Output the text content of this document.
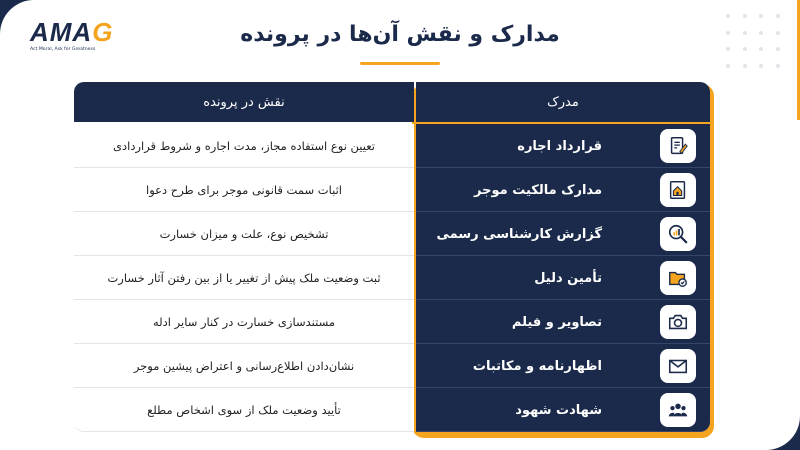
AMAG
Act Moral, Ask for Greatness
مدارک و نقش آن‌ها در پرونده
نقش در پرونده	مدرک
تعیین نوع استفاده مجاز، مدت اجاره و شروط قراردادی	قرارداد اجاره
اثبات سمت قانونی موجر برای طرح دعوا	مدارک مالکیت موجر
تشخیص نوع، علت و میزان خسارت	گزارش کارشناسی رسمی
ثبت وضعیت ملک پیش از تغییر یا از بین رفتن آثار خسارت	تأمین دلیل
مستندسازی خسارت در کنار سایر ادله	تصاویر و فیلم
نشان‌دادن اطلاع‌رسانی و اعتراض پیشین موجر	اظهارنامه و مکاتبات
تأیید وضعیت ملک از سوی اشخاص مطلع	شهادت شهود
